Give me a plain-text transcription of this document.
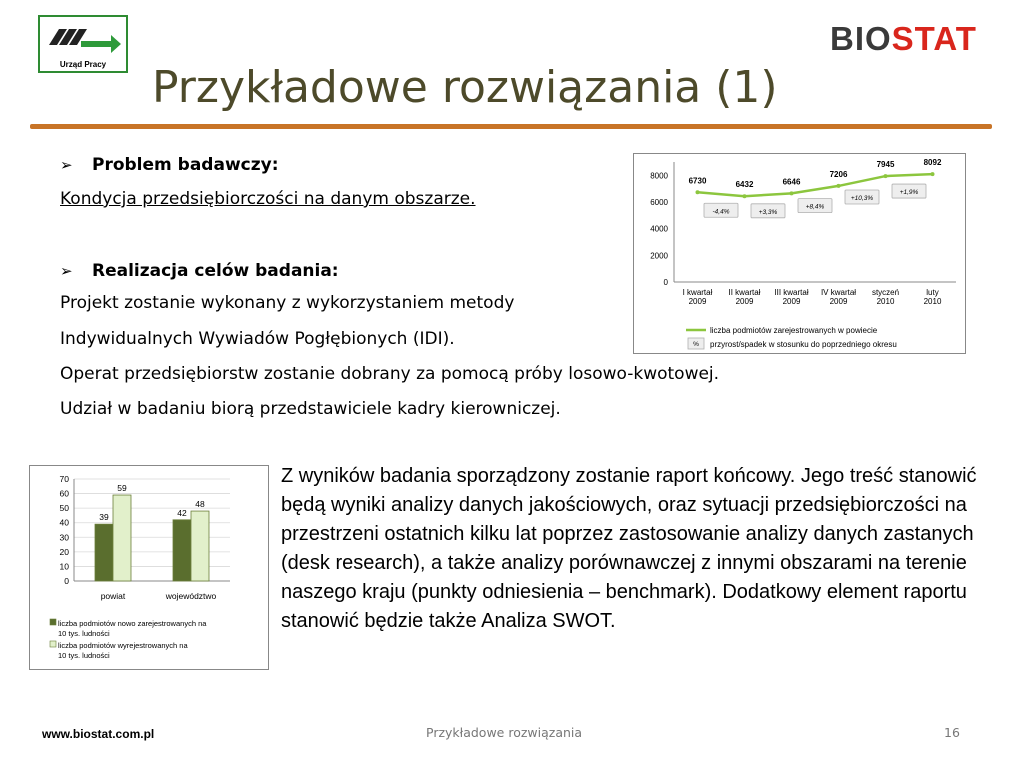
Urząd Pracy
BIOSTAT
Przykładowe rozwiązania (1)
➢ Problem badawczy:
Kondycja przedsiębiorczości na danym obszarze.
➢ Realizacja celów badania:
Projekt zostanie wykonany z wykorzystaniem metody
Indywidualnych Wywiadów Pogłębionych (IDI).
Operat przedsiębiorstw zostanie dobrany za pomocą próby losowo-kwotowej.
Udział w badaniu biorą przedstawiciele kadry kierowniczej.
0
2000
4000
6000
8000
I kwartał
2009
II kwartał
2009
III kwartał
2009
IV kwartał
2009
styczeń
2010
luty
2010
6730	6432	6646
7206
7945	8092
-4,4%	+3,3%
+8,4%
+10,3%
+1,9%
liczba podmiotów zarejestrowanych w powiecie
% przyrost/spadek w stosunku do poprzedniego okresu
0
10
20
30
40
50
60
70
39
59
powiat
42
48
województwo
liczba podmiotów nowo zarejestrowanych na
10 tys. ludności
liczba podmiotów wyrejestrowanych na
10 tys. ludności
Z wyników badania sporządzony zostanie raport końcowy. Jego treść stanowić będą wyniki analizy danych jakościowych, oraz sytuacji przedsiębiorczości na przestrzeni ostatnich kilku lat poprzez zastosowanie analizy danych zastanych (desk research), a także analizy porównawczej z innymi obszarami na terenie naszego kraju (punkty odniesienia – benchmark). Dodatkowy element raportu stanowić będzie także Analiza SWOT.
www.biostat.com.pl	Przykładowe rozwiązania	16
